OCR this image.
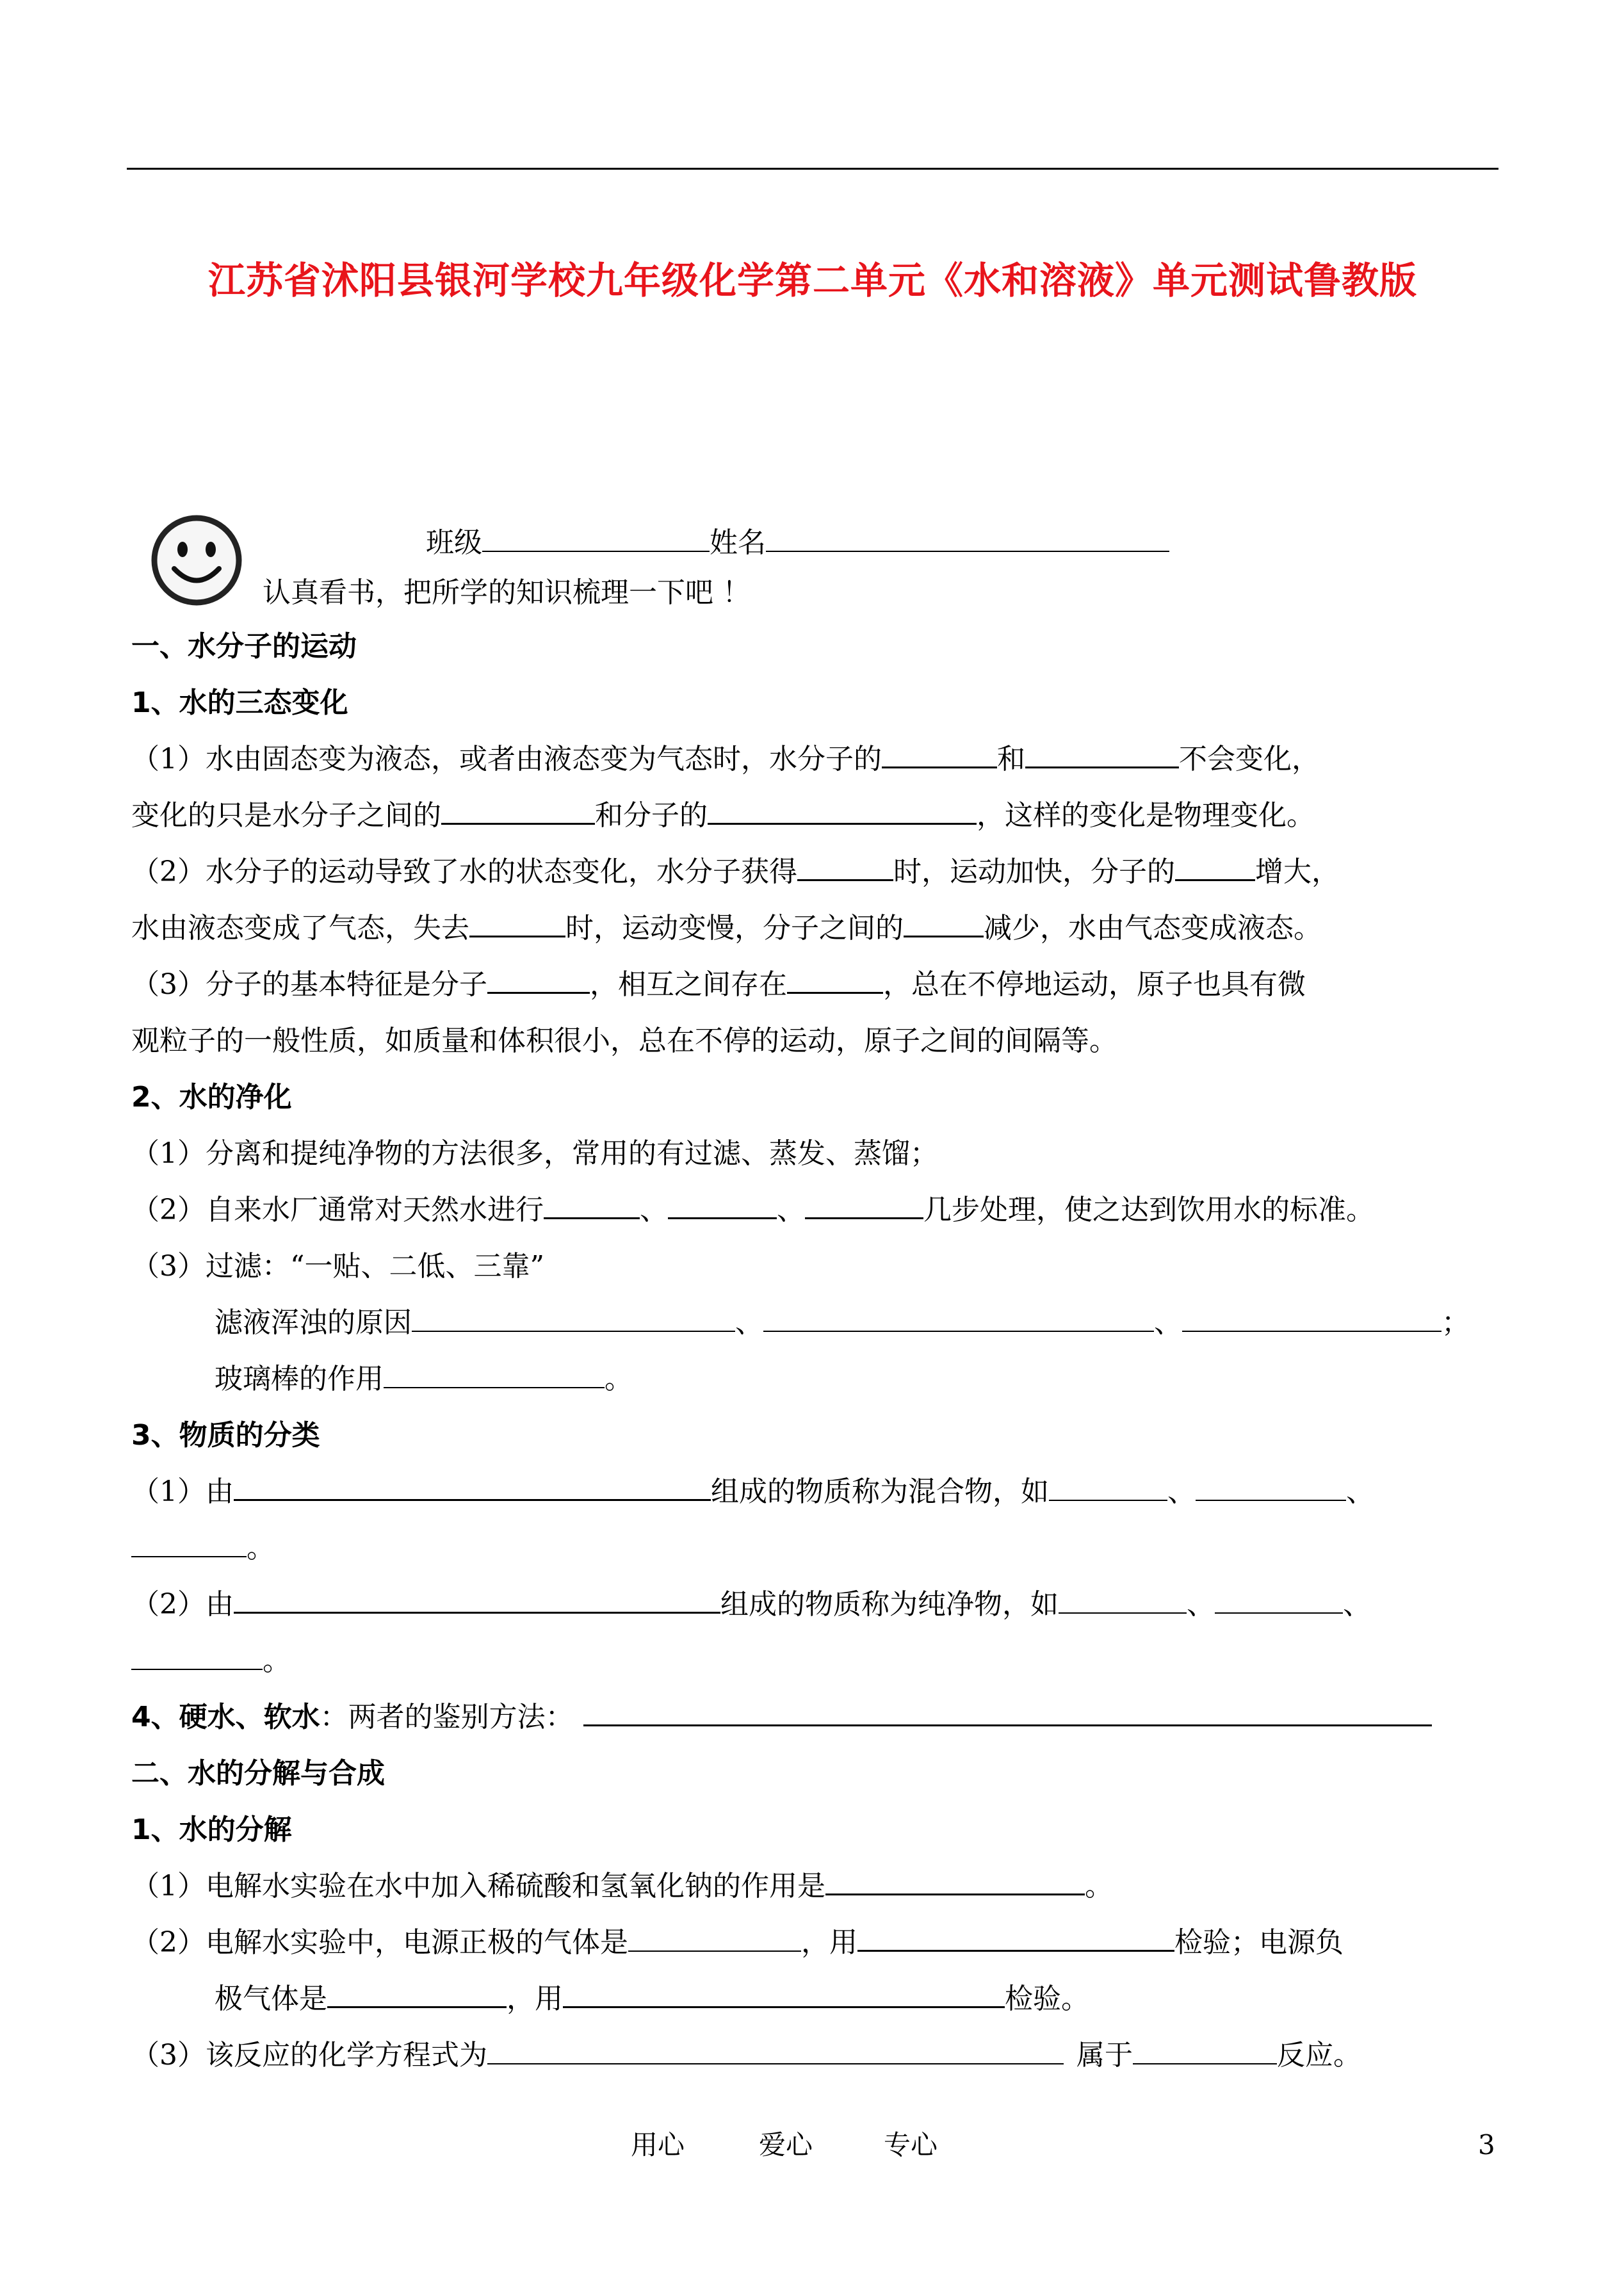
江苏省沭阳县银河学校九年级化学第二单元《水和溶液》单元测试鲁教版
班级	姓名
认真看书，把所学的知识梳理一下吧 ！
一、水分子的运动
1、水的三态变化
（1）水由固态变为液态，或者由液态变为气态时，水分子的	和	不会变化，
变化的只是水分子之间的	和分子的	，这样的变化是物理变化。
（2）水分子的运动导致了水的状态变化，水分子获得	时，运动加快，分子的	增大，
水由液态变成了气态，失去	时，运动变慢，分子之间的	减少，水由气态变成液态。
（3）分子的基本特征是分子	，相互之间存在	，总在不停地运动，原子也具有微
观粒子的一般性质，如质量和体积很小，总在不停的运动，原子之间的间隔等。
2、水的净化
（1）分离和提纯净物的方法很多，常用的有过滤、蒸发、蒸馏；
（2）自来水厂通常对天然水进行	、	、	几步处理，使之达到饮用水的标准。
（3）过滤：“一贴、二低、三靠”
滤液浑浊的原因	、	、	；
玻璃棒的作用	。
3、物质的分类
（1）由	组成的物质称为混合物，如	、	、
。
（2）由	组成的物质称为纯净物，如	、	、
。
4、硬水、软水：两者的鉴别方法：
二、水的分解与合成
1、水的分解
（1）电解水实验在水中加入稀硫酸和氢氧化钠的作用是	。
（2）电解水实验中，电源正极的气体是	，用	检验；电源负
极气体是	，用	检验。
（3）该反应的化学方程式为	属于	反应。
用心	爱心	专心	3
